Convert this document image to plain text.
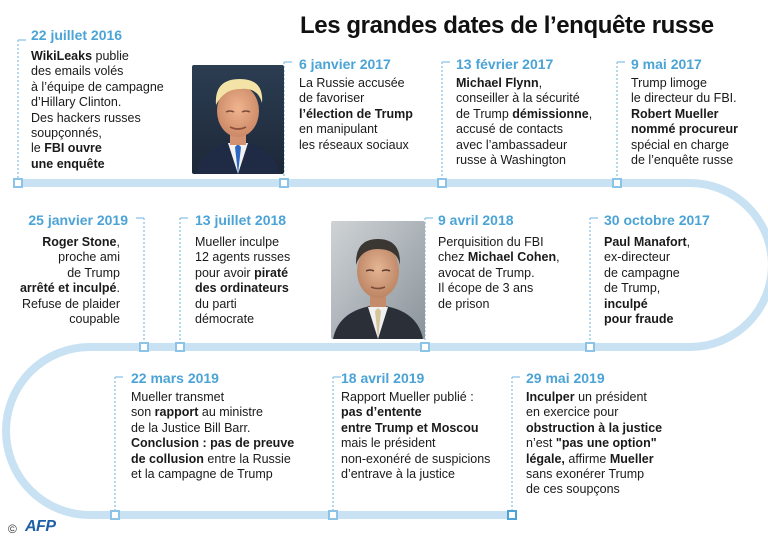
Les grandes dates de l’enquête russe
22 juillet 2016
WikiLeaks publie
des emails volés
à l’équipe de campagne
d’Hillary Clinton.
Des hackers russes
soupçonnés,
le FBI ouvre
une enquête
6 janvier 2017
La Russie accusée
de favoriser
l’élection de Trump
en manipulant
les réseaux sociaux
13 février 2017
Michael Flynn,
conseiller à la sécurité
de Trump démissionne,
accusé de contacts
avec l’ambassadeur
russe à Washington
9 mai 2017
Trump limoge
le directeur du FBI.
Robert Mueller
nommé procureur
spécial en charge
de l’enquête russe
30 octobre 2017
Paul Manafort,
ex-directeur
de campagne
de Trump,
inculpé
pour fraude
9 avril 2018
Perquisition du FBI
chez Michael Cohen,
avocat de Trump.
Il écope de 3 ans
de prison
13 juillet 2018
Mueller inculpe
12 agents russes
pour avoir piraté
des ordinateurs
du parti
démocrate
25 janvier 2019
Roger Stone,
proche ami
de Trump
arrêté et inculpé.
Refuse de plaider
coupable
22 mars 2019
Mueller transmet
son rapport au ministre
de la Justice Bill Barr.
Conclusion : pas de preuve
de collusion entre la Russie
et la campagne de Trump
18 avril 2019
Rapport Mueller publié :
pas d’entente
entre Trump et Moscou
mais le président
non-exonéré de suspicions
d’entrave à la justice
29 mai 2019
Inculper un président
en exercice pour
obstruction à la justice
n’est "pas une option"
légale, affirme Mueller
sans exonérer Trump
de ces soupçons
© AFP
